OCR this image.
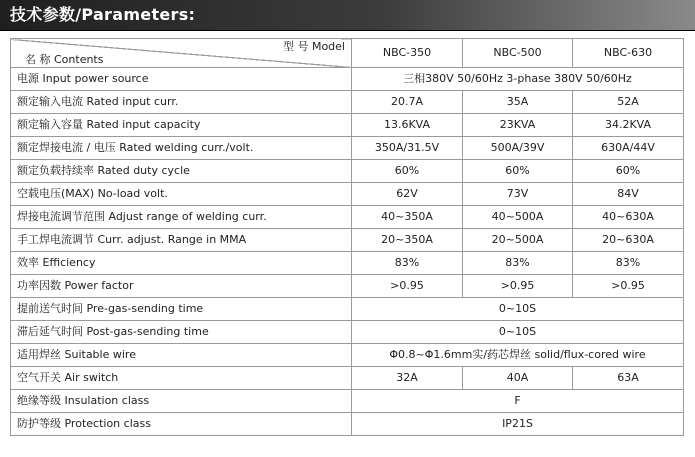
技术参数/Parameters:
型 号 Model
名 称 Contents	NBC-350	NBC-500	NBC-630
电源 Input power source	三相380V 50/60Hz 3-phase 380V 50/60Hz		
额定输入电流 Rated input curr.	20.7A	35A	52A
额定输入容量 Rated input capacity	13.6KVA	23KVA	34.2KVA
额定焊接电流 / 电压 Rated welding curr./volt.	350A/31.5V	500A/39V	630A/44V
额定负载持续率 Rated duty cycle	60%	60%	60%
空载电压(MAX) No-load volt.	62V	73V	84V
焊接电流调节范围 Adjust range of welding curr.	40~350A	40~500A	40~630A
手工焊电流调节 Curr. adjust. Range in MMA	20~350A	20~500A	20~630A
效率 Efficiency	83%	83%	83%
功率因数 Power factor	>0.95	>0.95	>0.95
提前送气时间 Pre-gas-sending time	0~10S		
滞后延气时间 Post-gas-sending time	0~10S		
适用焊丝 Suitable wire	Φ0.8~Φ1.6mm实/药芯焊丝 solid/flux-cored wire		
空气开关 Air switch	32A	40A	63A
绝缘等级 Insulation class	F		
防护等级 Protection class	IP21S		
